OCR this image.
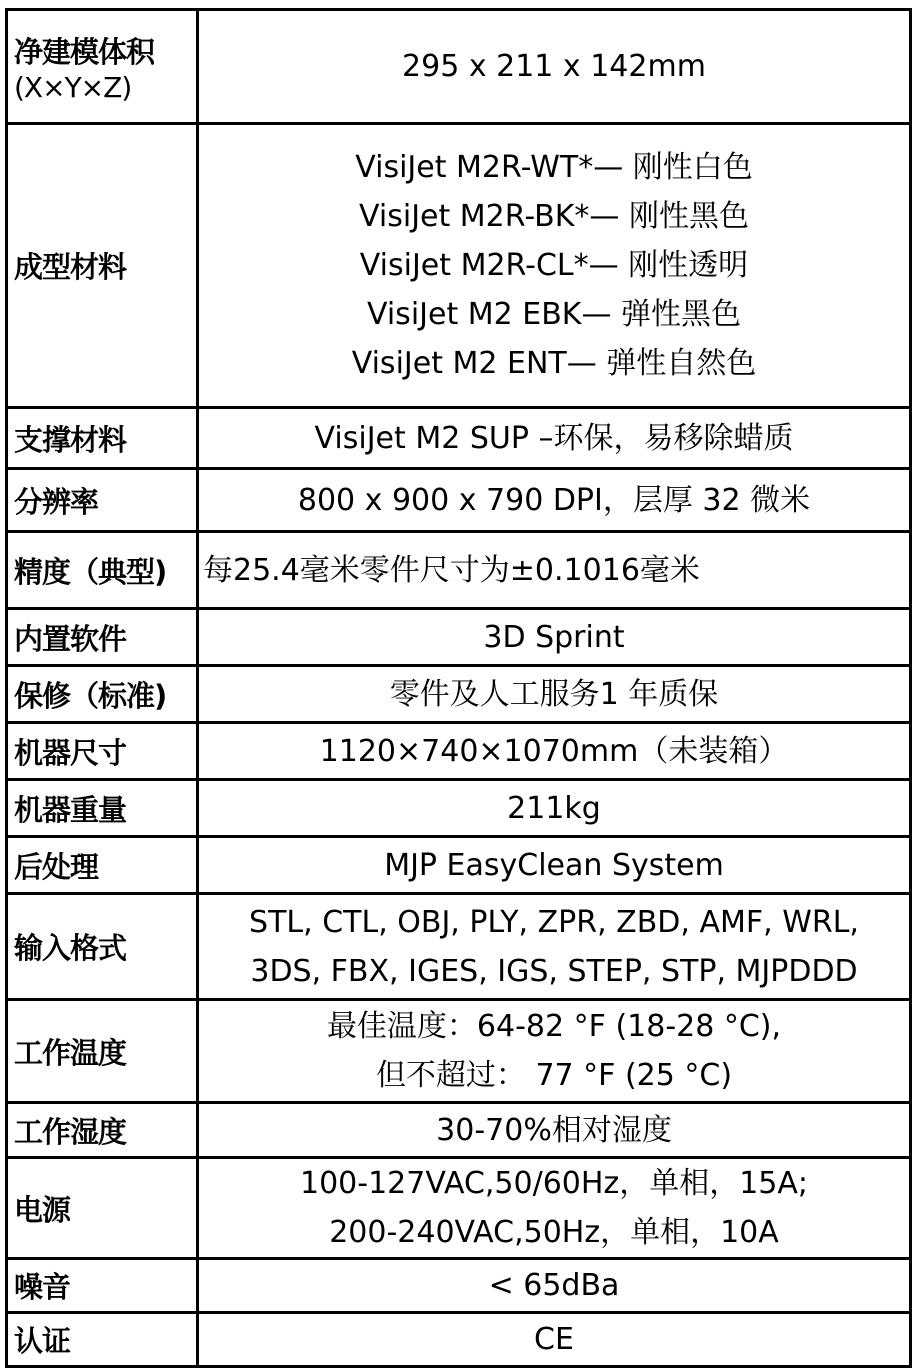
净建模体积
(X×Y×Z)	295 x 211 x 142mm

成型材料	VisiJet M2R-WT*— 刚性白色
VisiJet M2R-BK*— 刚性黑色
VisiJet M2R-CL*— 刚性透明
VisiJet M2 EBK— 弹性黑色
VisiJet M2 ENT— 弹性自然色

支撑材料	VisiJet M2 SUP –环保，易移除蜡质

分辨率	800 x 900 x 790 DPI，层厚 32 微米

精度（典型)	每25.4毫米零件尺寸为±0.1016毫米

内置软件	3D Sprint

保修（标准)	零件及人工服务1 年质保

机器尺寸	1120×740×1070mm（未装箱）

机器重量	211kg

后处理	MJP EasyClean System

输入格式	STL, CTL, OBJ, PLY, ZPR, ZBD, AMF, WRL,
3DS, FBX, IGES, IGS, STEP, STP, MJPDDD

工作温度	最佳温度：64-82 °F (18-28 °C),
但不超过： 77 °F (25 °C)

工作湿度	30-70%相对湿度

电源	100-127VAC,50/60Hz，单相，15A;
200-240VAC,50Hz，单相，10A

噪音	< 65dBa

认证	CE
